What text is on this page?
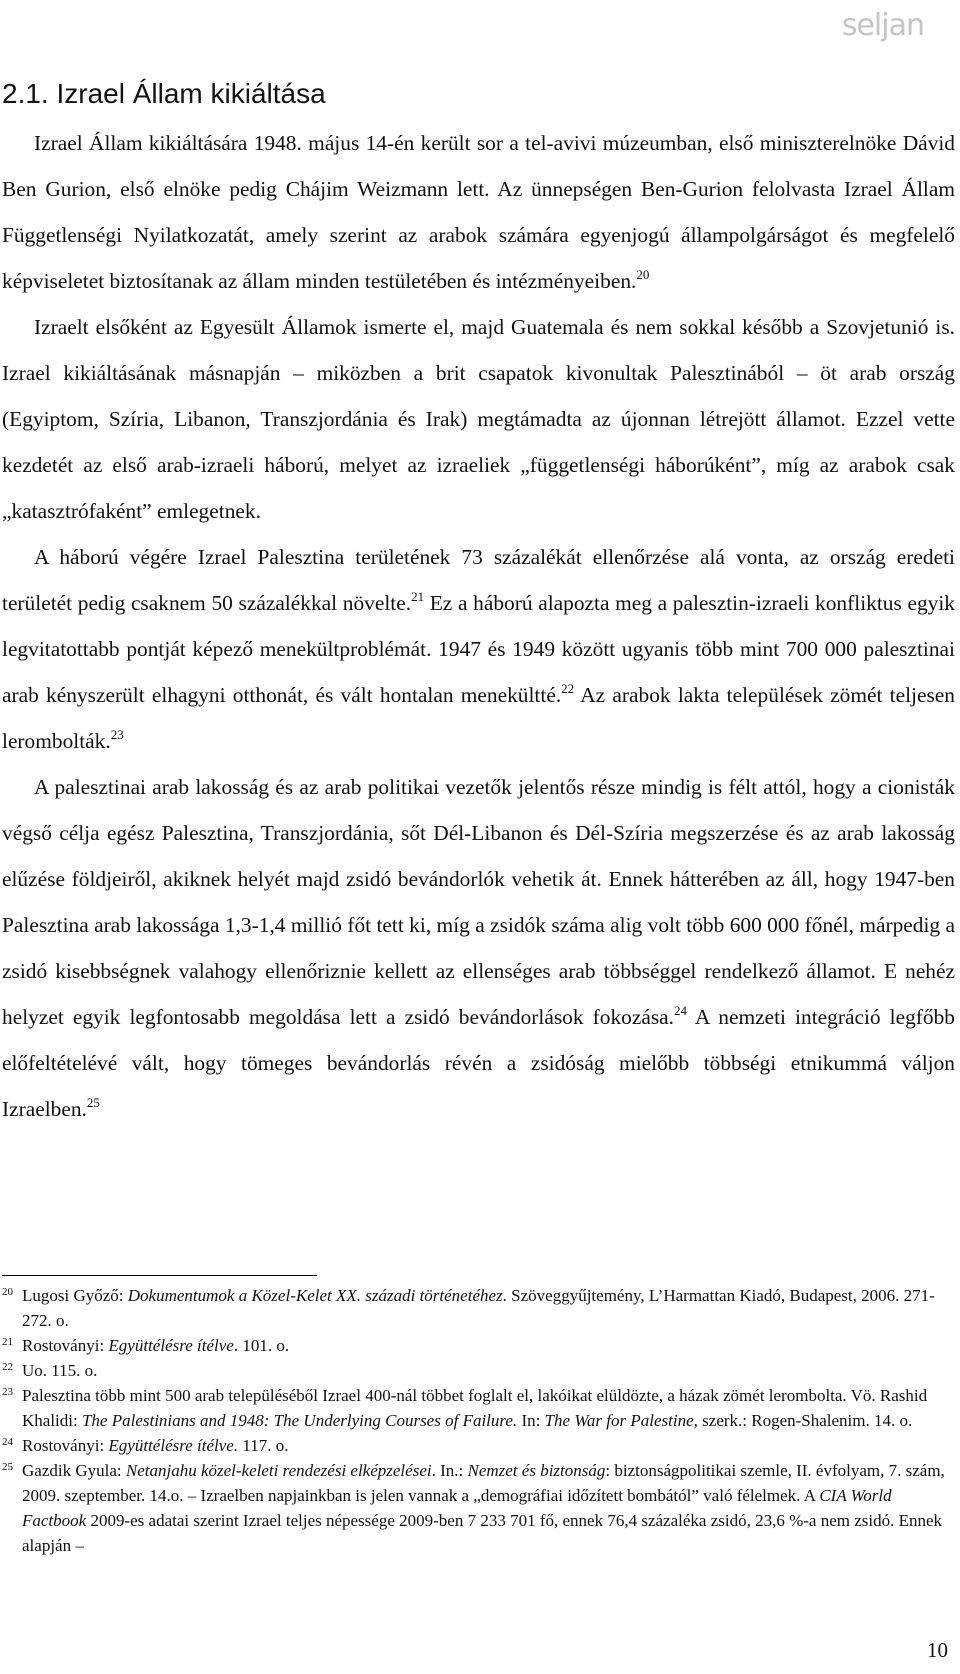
seljan
2.1. Izrael Állam kikiáltása

Izrael Állam kikiáltására 1948. május 14-én került sor a tel-avivi múzeumban, első miniszterelnöke Dávid Ben Gurion, első elnöke pedig Chájim Weizmann lett. Az ünnepségen Ben-Gurion felolvasta Izrael Állam Függetlenségi Nyilatkozatát, amely szerint az arabok számára egyenjogú állampolgárságot és megfelelő képviseletet biztosítanak az állam minden testületében és intézményeiben.$^{20}$

Izraelt elsőként az Egyesült Államok ismerte el, majd Guatemala és nem sokkal később a Szovjetunió is. Izrael kikiáltásának másnapján – miközben a brit csapatok kivonultak Palesztinából – öt arab ország (Egyiptom, Szíria, Libanon, Transzjordánia és Irak) megtámadta az újonnan létrejött államot. Ezzel vette kezdetét az első arab-izraeli háború, melyet az izraeliek „függetlenségi háborúként”, míg az arabok csak „katasztrófaként” emlegetnek.

A háború végére Izrael Palesztina területének 73 százalékát ellenőrzése alá vonta, az ország eredeti területét pedig csaknem 50 százalékkal növelte.$^{21}$ Ez a háború alapozta meg a palesztin-izraeli konfliktus egyik legvitatottabb pontját képező menekültproblémát. 1947 és 1949 között ugyanis több mint 700 000 palesztinai arab kényszerült elhagyni otthonát, és vált hontalan menekültté.$^{22}$ Az arabok lakta települések zömét teljesen lerombolták.$^{23}$

A palesztinai arab lakosság és az arab politikai vezetők jelentős része mindig is félt attól, hogy a cionisták végső célja egész Palesztina, Transzjordánia, sőt Dél-Libanon és Dél-Szíria megszerzése és az arab lakosság elűzése földjeiről, akiknek helyét majd zsidó bevándorlók vehetik át. Ennek hátterében az áll, hogy 1947-ben Palesztina arab lakossága 1,3-1,4 millió főt tett ki, míg a zsidók száma alig volt több 600 000 főnél, márpedig a zsidó kisebbségnek valahogy ellenőriznie kellett az ellenséges arab többséggel rendelkező államot. E nehéz helyzet egyik legfontosabb megoldása lett a zsidó bevándorlások fokozása.$^{24}$ A nemzeti integráció legfőbb előfeltételévé vált, hogy tömeges bevándorlás révén a zsidóság mielőbb többségi etnikummá váljon Izraelben.$^{25}$

$^{20}$ Lugosi Győző: Dokumentumok a Közel-Kelet XX. századi történetéhez. Szöveggyűjtemény, L’Harmattan Kiadó, Budapest, 2006. 271-272. o.

$^{21}$ Rostoványi: Együttélésre ítélve. 101. o.

$^{22}$ Uo. 115. o.

$^{23}$ Palesztina több mint 500 arab településéből Izrael 400-nál többet foglalt el, lakóikat elüldözte, a házak zömét lerombolta. Vö. Rashid Khalidi: The Palestinians and 1948: The Underlying Courses of Failure. In: The War for Palestine, szerk.: Rogen-Shalenim. 14. o.

$^{24}$ Rostoványi: Együttélésre ítélve. 117. o.

$^{25}$ Gazdik Gyula: Netanjahu közel-keleti rendezési elképzelései. In.: Nemzet és biztonság: biztonságpolitikai szemle, II. évfolyam, 7. szám, 2009. szeptember. 14.o. – Izraelben napjainkban is jelen vannak a „demográfiai időzített bombától” való félelmek. A CIA World Factbook 2009-es adatai szerint Izrael teljes népessége 2009-ben 7 233 701 fő, ennek 76,4 százaléka zsidó, 23,6 %-a nem zsidó. Ennek alapján –

10
